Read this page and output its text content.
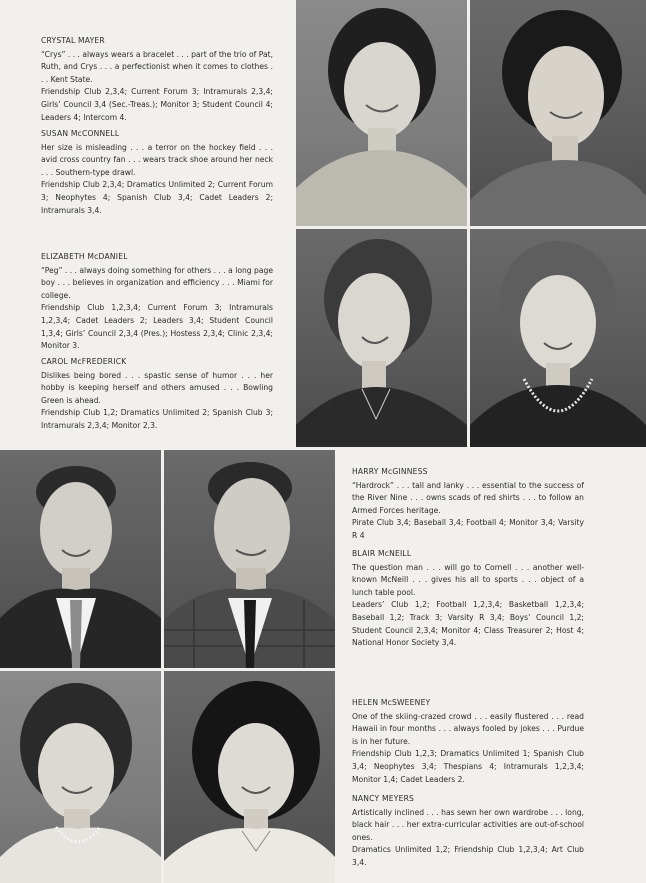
CRYSTAL MAYER
“Crys” . . . always wears a bracelet . . . part of the trio of Pat, Ruth, and Crys . . . a perfectionist when it comes to clothes . . . Kent State.
Friendship Club 2,3,4; Current Forum 3; Intramurals 2,3,4; Girls’ Council 3,4 (Sec.-Treas.); Monitor 3; Student Council 4; Leaders 4; Intercom 4.
SUSAN McCONNELL
Her size is misleading . . . a terror on the hockey field . . . avid cross country fan . . . wears track shoe around her neck . . . Southern-type drawl.
Friendship Club 2,3,4; Dramatics Unlimited 2; Current Forum 3; Neophytes 4; Spanish Club 3,4; Cadet Leaders 2; Intramurals 3,4.
ELIZABETH McDANIEL
“Peg” . . . always doing something for others . . . a long page boy . . . believes in organization and efficiency . . . Miami for college.
Friendship Club 1,2,3,4; Current Forum 3; Intramurals 1,2,3,4; Cadet Leaders 2; Leaders 3,4; Student Council 1,3,4; Girls’ Council 2,3,4 (Pres.); Hostess 2,3,4; Clinic 2,3,4; Monitor 3.
CAROL McFREDERICK
Dislikes being bored . . . spastic sense of humor . . . her hobby is keeping herself and others amused . . . Bowling Green is ahead.
Friendship Club 1,2; Dramatics Unlimited 2; Spanish Club 3; Intramurals 2,3,4; Monitor 2,3.
HARRY McGINNESS
“Hardrock” . . . tall and lanky . . . essential to the success of the River Nine . . . owns scads of red shirts . . . to follow an Armed Forces heritage.
Pirate Club 3,4; Baseball 3,4; Football 4; Monitor 3,4; Varsity R 4
BLAIR McNEILL
The question man . . . will go to Cornell . . . another well-known McNeill . . . gives his all to sports . . . object of a lunch table pool.
Leaders’ Club 1,2; Football 1,2,3,4; Basketball 1,2,3,4; Baseball 1,2; Track 3; Varsity R 3,4; Boys’ Council 1,2; Student Council 2,3,4; Monitor 4; Class Treasurer 2; Host 4; National Honor Society 3,4.
HELEN McSWEENEY
One of the skiing-crazed crowd . . . easily flustered . . . read Hawaii in four months . . . always fooled by jokes . . . Purdue is in her future.
Friendship Club 1,2,3; Dramatics Unlimited 1; Spanish Club 3,4; Neophytes 3,4; Thespians 4; Intramurals 1,2,3,4; Monitor 1,4; Cadet Leaders 2.
NANCY MEYERS
Artistically inclined . . . has sewn her own wardrobe . . . long, black hair . . . her extra-curricular activities are out-of-school ones.
Dramatics Unlimited 1,2; Friendship Club 1,2,3,4; Art Club 3,4.
